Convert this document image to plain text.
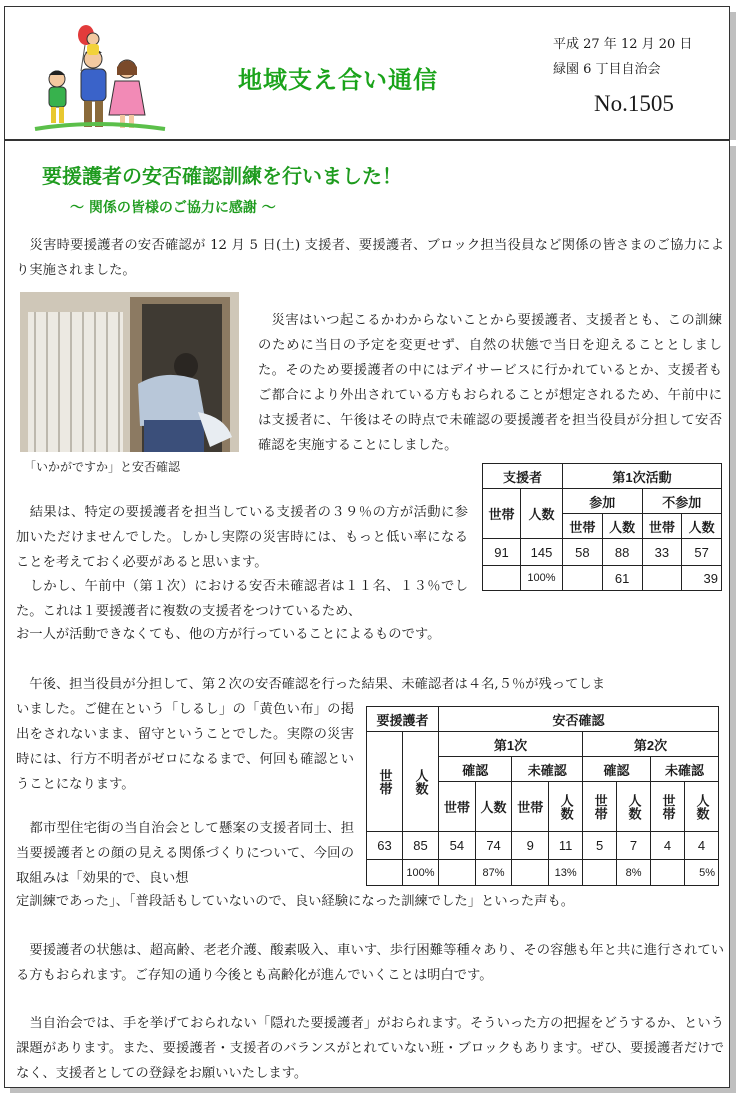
地域支え合い通信
平成 27 年 12 月 20 日
緑園 6 丁目自治会
No.1505
要援護者の安否確認訓練を行いました！
～ 関係の皆様のご協力に感謝 ～
　災害時要援護者の安否確認が 12 月 5 日(土) 支援者、要援護者、ブロック担当役員など関係の皆さまのご協力により実施されました。
「いかがですか」と安否確認
　災害はいつ起こるかわからないことから要援護者、支援者とも、この訓練のために当日の予定を変更せず、自然の状態で当日を迎えることとしました。そのため要援護者の中にはデイサービスに行かれているとか、支援者もご都合により外出されている方もおられることが想定されるため、午前中には支援者に、午後はその時点で未確認の要援護者を担当役員が分担して安否確認を実施することにしました。
支援者		第1次活動			
世帯	人数	参加		不参加	
		世帯	人数	世帯	人数
91	145	58	88	33	57
	100%		61		39
　結果は、特定の要援護者を担当している支援者の３９％の方が活動に参加いただけませんでした。しかし実際の災害時には、もっと低い率になることを考えておく必要があると思います。
　しかし、午前中（第１次）における安否未確認者は１１名、１３％でした。これは１要援護者に複数の支援者をつけているため、
お一人が活動できなくても、他の方が行っていることによるものです。
　午後、担当役員が分担して、第２次の安否確認を行った結果、未確認者は４名,５％が残ってしま
いました。ご健在という「しるし」の「黄色い布」の掲出をされないまま、留守ということでした。実際の災害時には、行方不明者がゼロになるまで、何回も確認ということになります。
要援護者		安否確認							

世帯	人数	第1次				第2次			
		確認		未確認		確認		未確認	
		世帯	人数	世帯	人数	世帯	人数	世帯	人数

63	85	54	74	9	11	5	7	4	4
	100%		87%		13%		8%		5%
　都市型住宅街の当自治会として懸案の支援者同士、担当要援護者との顔の見える関係づくりについて、今回の取組みは「効果的で、良い想
定訓練であった」、「普段話もしていないので、良い経験になった訓練でした」といった声も。
　要援護者の状態は、超高齢、老老介護、酸素吸入、車いす、歩行困難等種々あり、その容態も年と共に進行されている方もおられます。ご存知の通り今後とも高齢化が進んでいくことは明白です。
　当自治会では、手を挙げておられない「隠れた要援護者」がおられます。そういった方の把握をどうするか、という課題があります。また、要援護者・支援者のバランスがとれていない班・ブロックもあります。ぜひ、要援護者だけでなく、支援者としての登録をお願いいたします。
